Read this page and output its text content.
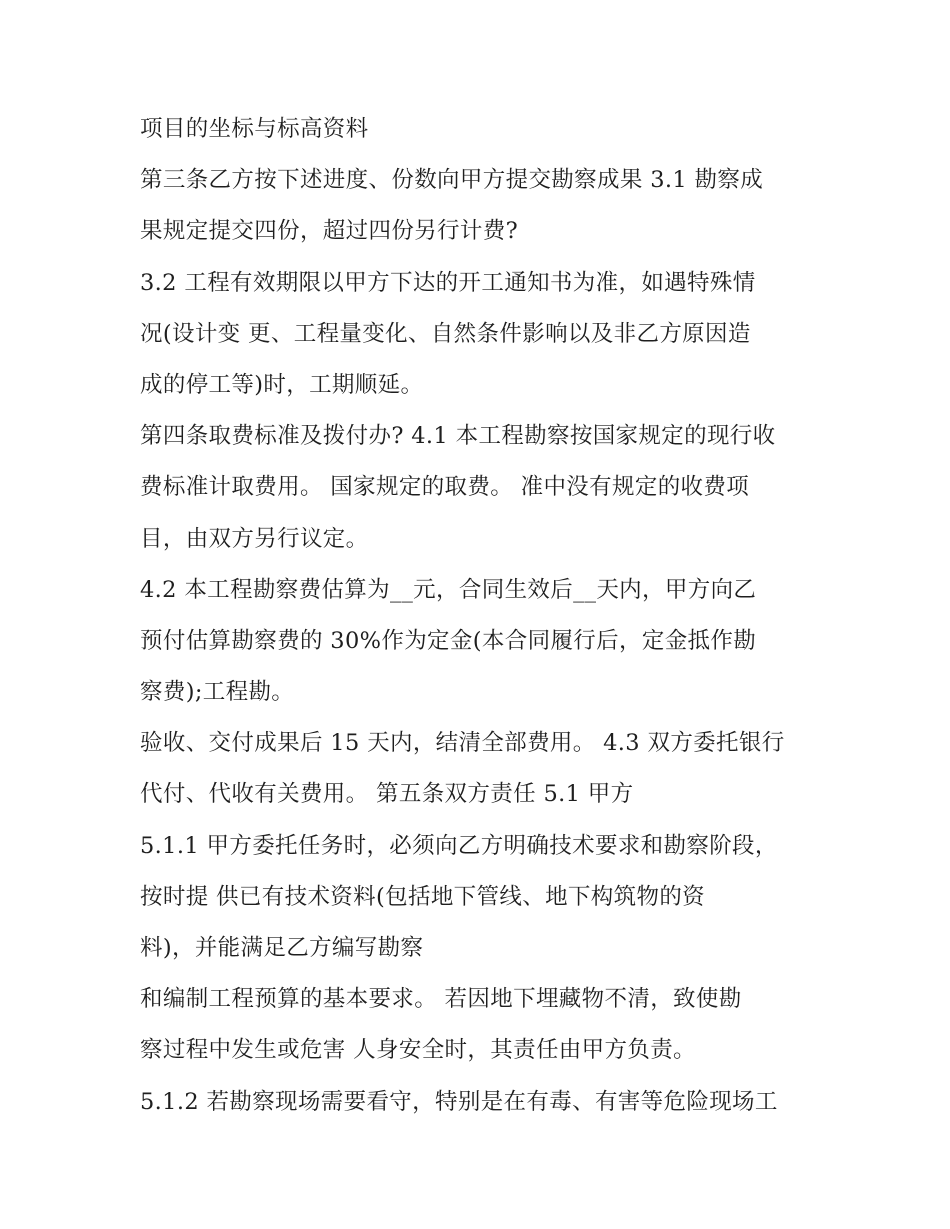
项目的坐标与标高资料
第三条乙方按下述进度、份数向甲方提交勘察成果 3.1 勘察成
果规定提交四份，超过四份另行计费?
3.2 工程有效期限以甲方下达的开工通知书为准，如遇特殊情
况(设计变 更、工程量变化、自然条件影响以及非乙方原因造
成的停工等)时，工期顺延。
第四条取费标准及拨付办? 4.1 本工程勘察按国家规定的现行收
费标准计取费用。 国家规定的取费。 准中没有规定的收费项
目，由双方另行议定。
4.2 本工程勘察费估算为__元，合同生效后__天内，甲方向乙
预付估算勘察费的 30%作为定金(本合同履行后，定金抵作勘
察费);工程勘。
验收、交付成果后 15 天内，结清全部费用。 4.3 双方委托银行
代付、代收有关费用。 第五条双方责任 5.1 甲方
5.1.1 甲方委托任务时，必须向乙方明确技术要求和勘察阶段，
按时提 供已有技术资料(包括地下管线、地下构筑物的资
料)，并能满足乙方编写勘察
和编制工程预算的基本要求。 若因地下埋藏物不清，致使勘
察过程中发生或危害 人身安全时，其责任由甲方负责。
5.1.2 若勘察现场需要看守，特别是在有毒、有害等危险现场工
